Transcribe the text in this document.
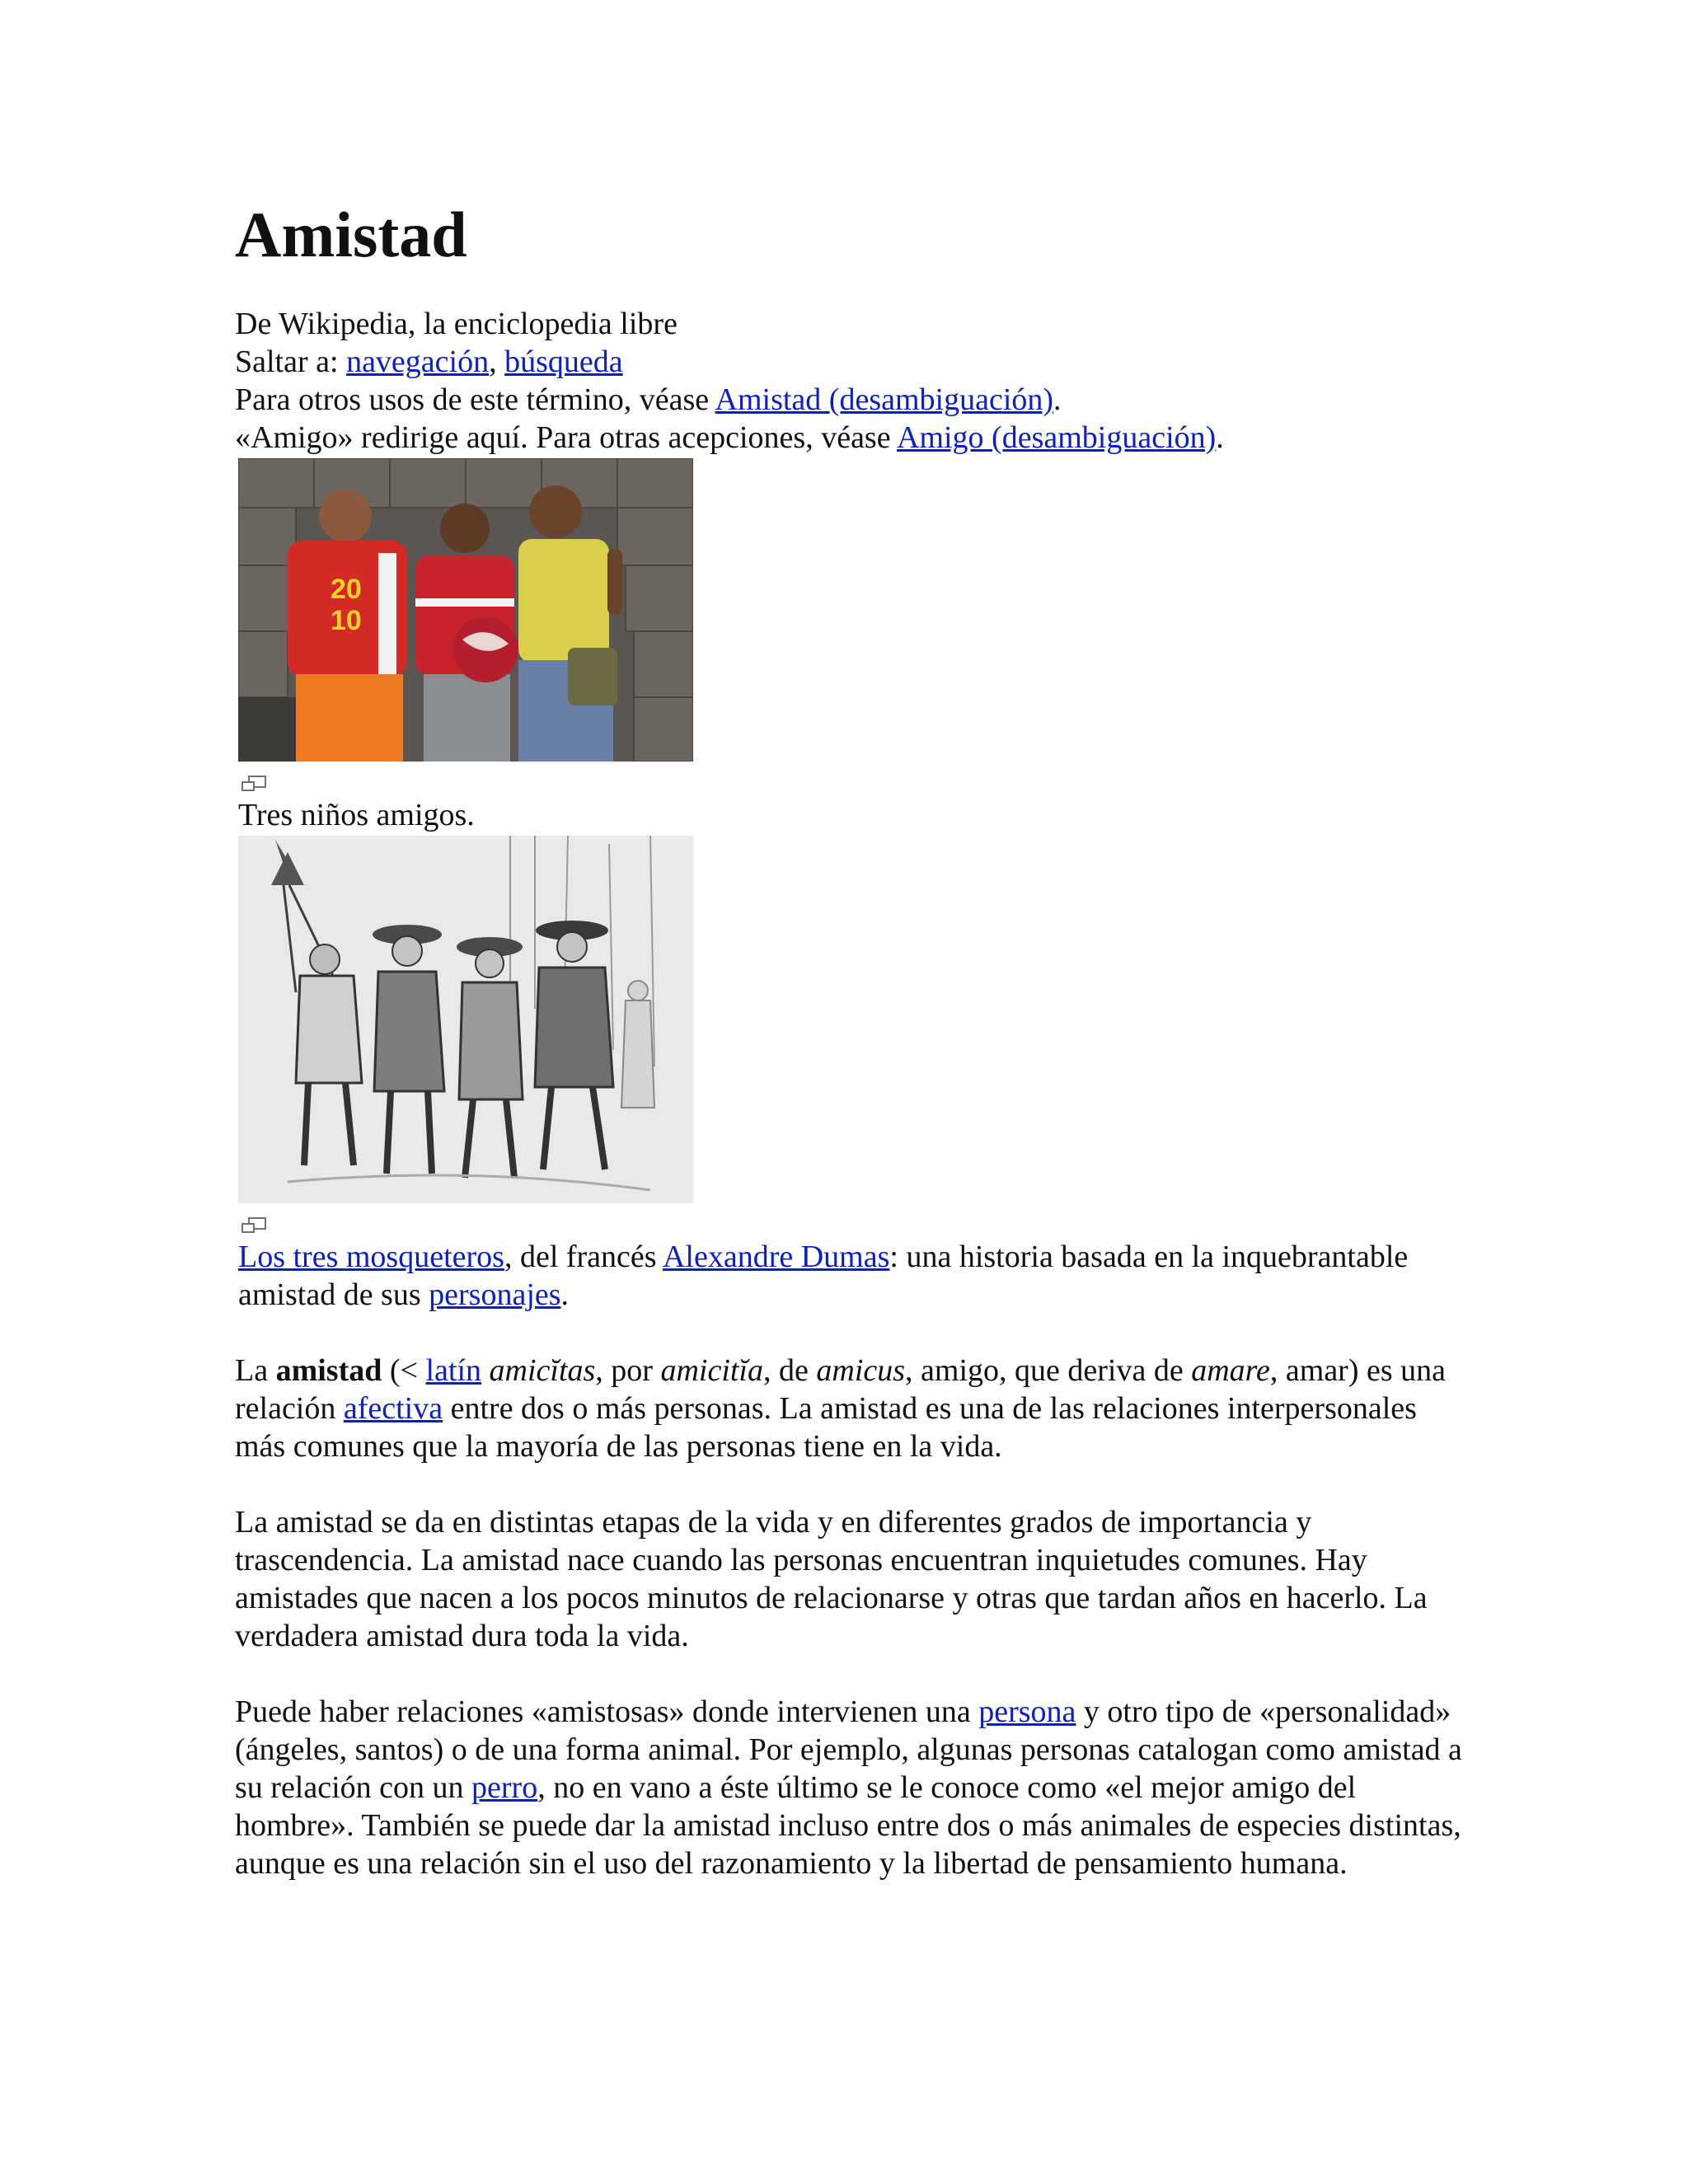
Amistad

De Wikipedia, la enciclopedia libre

Saltar a: navegación, búsqueda

Para otros usos de este término, véase Amistad (desambiguación).

«Amigo» redirige aquí. Para otras acepciones, véase Amigo (desambiguación).

20
10

Tres niños amigos.

Los tres mosqueteros, del francés Alexandre Dumas: una historia basada en la inquebrantable amistad de sus personajes.

La amistad (< latín amicĭtas, por amicitĭa, de amicus, amigo, que deriva de amare, amar) es una relación afectiva entre dos o más personas. La amistad es una de las relaciones interpersonales más comunes que la mayoría de las personas tiene en la vida.

La amistad se da en distintas etapas de la vida y en diferentes grados de importancia y trascendencia. La amistad nace cuando las personas encuentran inquietudes comunes. Hay amistades que nacen a los pocos minutos de relacionarse y otras que tardan años en hacerlo. La verdadera amistad dura toda la vida.

Puede haber relaciones «amistosas» donde intervienen una persona y otro tipo de «personalidad» (ángeles, santos) o de una forma animal. Por ejemplo, algunas personas catalogan como amistad a su relación con un perro, no en vano a éste último se le conoce como «el mejor amigo del hombre». También se puede dar la amistad incluso entre dos o más animales de especies distintas, aunque es una relación sin el uso del razonamiento y la libertad de pensamiento humana.
